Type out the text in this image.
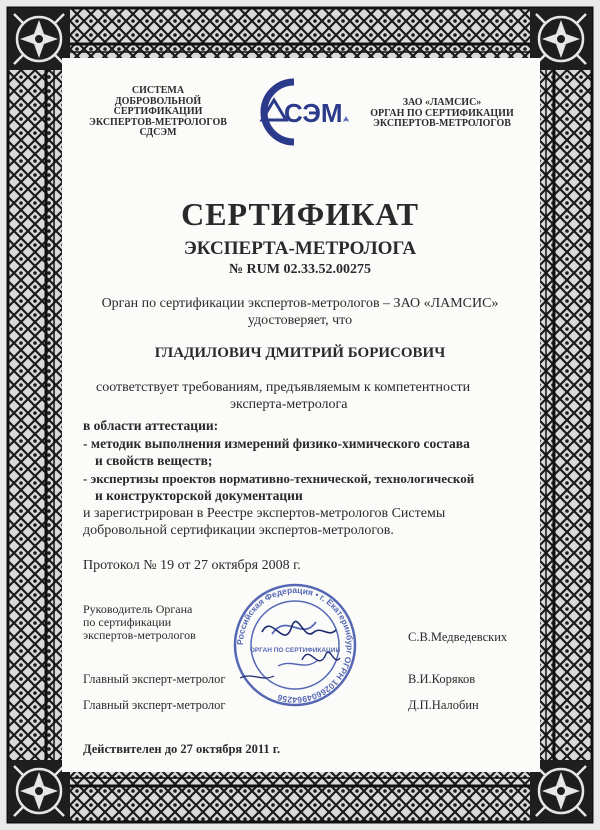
СИСТЕМА
ДОБРОВОЛЬНОЙ
СЕРТИФИКАЦИИ
ЭКСПЕРТОВ-МЕТРОЛОГОВ
СДСЭМ
СЭМ	ЗАО «ЛАМСИС»
ОРГАН ПО СЕРТИФИКАЦИИ
ЭКСПЕРТОВ-МЕТРОЛОГОВ
СЕРТИФИКАТ
ЭКСПЕРТА-МЕТРОЛОГА
№ RUM 02.33.52.00275
Орган по сертификации экспертов-метрологов – ЗАО «ЛАМСИС»
удостоверяет, что
ГЛАДИЛОВИЧ ДМИТРИЙ БОРИСОВИЧ
соответствует требованиям, предъявляемым к компетентности
эксперта-метролога
в области аттестации:
- методик выполнения измерений физико-химического состава
и свойств веществ;
- экспертизы проектов нормативно-технической, технологической
и конструкторской документации
и зарегистрирован в Реестре экспертов-метрологов Системы
добровольной сертификации экспертов-метрологов.
Протокол № 19 от 27 октября 2008 г.
Руководитель Органа
по сертификации
экспертов-метрологов	С.В.Медведевских
Главный эксперт-метролог	В.И.Коряков
Главный эксперт-метролог	Д.П.Налобин
Российская Федерация • г. Екатеринбург ОГРН 1026604964256
ОРГАН ПО СЕРТИФИКАЦИИ
Действителен до 27 октября 2011 г.
